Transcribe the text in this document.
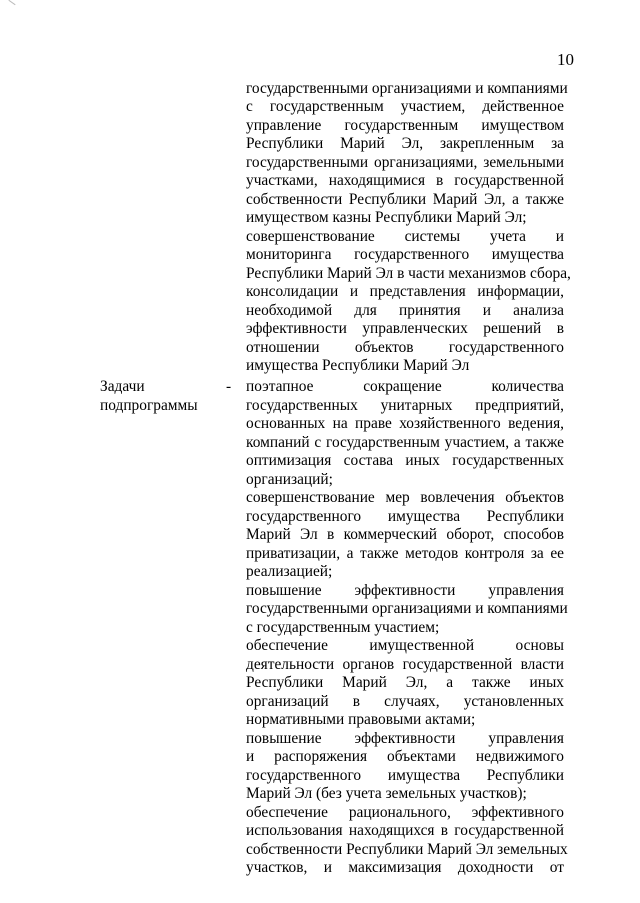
10
государственными организациями и компаниями
с государственным участием, действенное
управление государственным имуществом
Республики Марий Эл, закрепленным за
государственными организациями, земельными
участками, находящимися в государственной
собственности Республики Марий Эл, а также
имуществом казны Республики Марий Эл;
совершенствование системы учета и
мониторинга государственного имущества
Республики Марий Эл в части механизмов сбора,
консолидации и представления информации,
необходимой для принятия и анализа
эффективности управленческих решений в
отношении объектов государственного
имущества Республики Марий Эл
Задачи
подпрограммы
- поэтапное сокращение количества
государственных унитарных предприятий,
основанных на праве хозяйственного ведения,
компаний с государственным участием, а также
оптимизация состава иных государственных
организаций;
совершенствование мер вовлечения объектов
государственного имущества Республики
Марий Эл в коммерческий оборот, способов
приватизации, а также методов контроля за ее
реализацией;
повышение эффективности управления
государственными организациями и компаниями
с государственным участием;
обеспечение имущественной основы
деятельности органов государственной власти
Республики Марий Эл, а также иных
организаций в случаях, установленных
нормативными правовыми актами;
повышение эффективности управления
и распоряжения объектами недвижимого
государственного имущества Республики
Марий Эл (без учета земельных участков);
обеспечение рационального, эффективного
использования находящихся в государственной
собственности Республики Марий Эл земельных
участков, и максимизация доходности от
